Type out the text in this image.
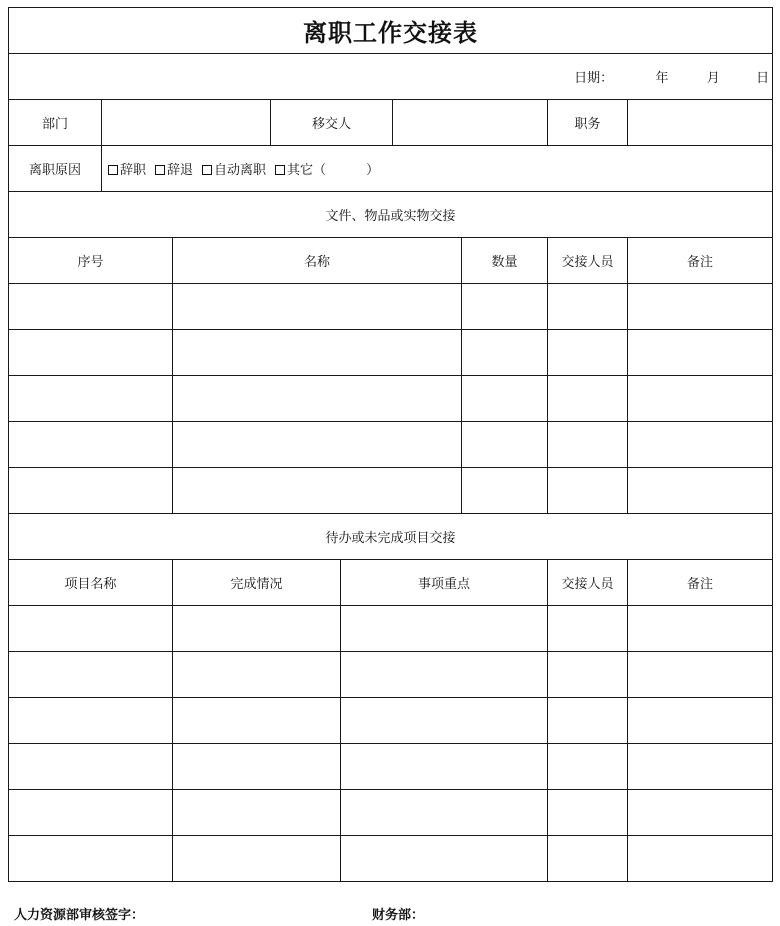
离职工作交接表								
日期： 年 月 日								
部门			移交人				职务	
离职原因	辞职 辞退 自动离职 其它（ ）							
文件、物品或实物交接								
序号		名称				数量	交接人员	备注

待办或未完成项目交接								
项目名称		完成情况		事项重点			交接人员	备注

人力资源部审核签字：	财务部：
